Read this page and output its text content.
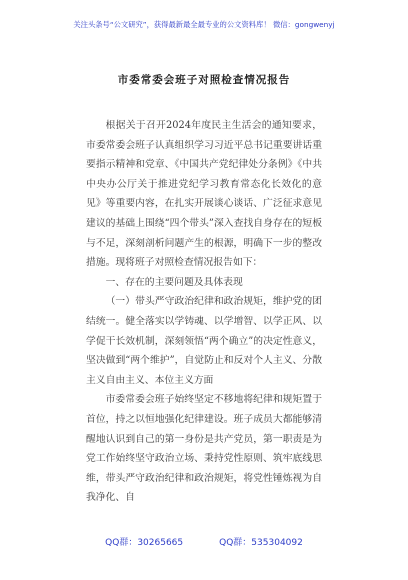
关注头条号“公文研究”，获得最新最全最专业的公文资料库！ 微信：gongwenyj
市委常委会班子对照检查情况报告

根据关于召开2024年度民主生活会的通知要求，市委常委会班子认真组织学习习近平总书记重要讲话重要指示精神和党章、《中国共产党纪律处分条例》《中共中央办公厅关于推进党纪学习教育常态化长效化的意见》等重要内容，在扎实开展谈心谈话、广泛征求意见建议的基础上围绕“四个带头”深入查找自身存在的短板与不足，深刻剖析问题产生的根源，明确下一步的整改措施。现将班子对照检查情况报告如下：

一、存在的主要问题及具体表现

（一）带头严守政治纪律和政治规矩，维护党的团结统一。健全落实以学铸魂、以学增智、以学正风、以学促干长效机制，深刻领悟“两个确立”的决定性意义，坚决做到“两个维护”，自觉防止和反对个人主义、分散主义自由主义、本位主义方面

市委常委会班子始终坚定不移地将纪律和规矩置于首位，持之以恒地强化纪律建设。班子成员大都能够清醒地认识到自己的第一身份是共产党员，第一职责是为党工作始终坚守政治立场、秉持党性原则、筑牢底线思维，带头严守政治纪律和政治规矩，将党性锤炼视为自我净化、自

QQ群：30265665	QQ群：535304092
